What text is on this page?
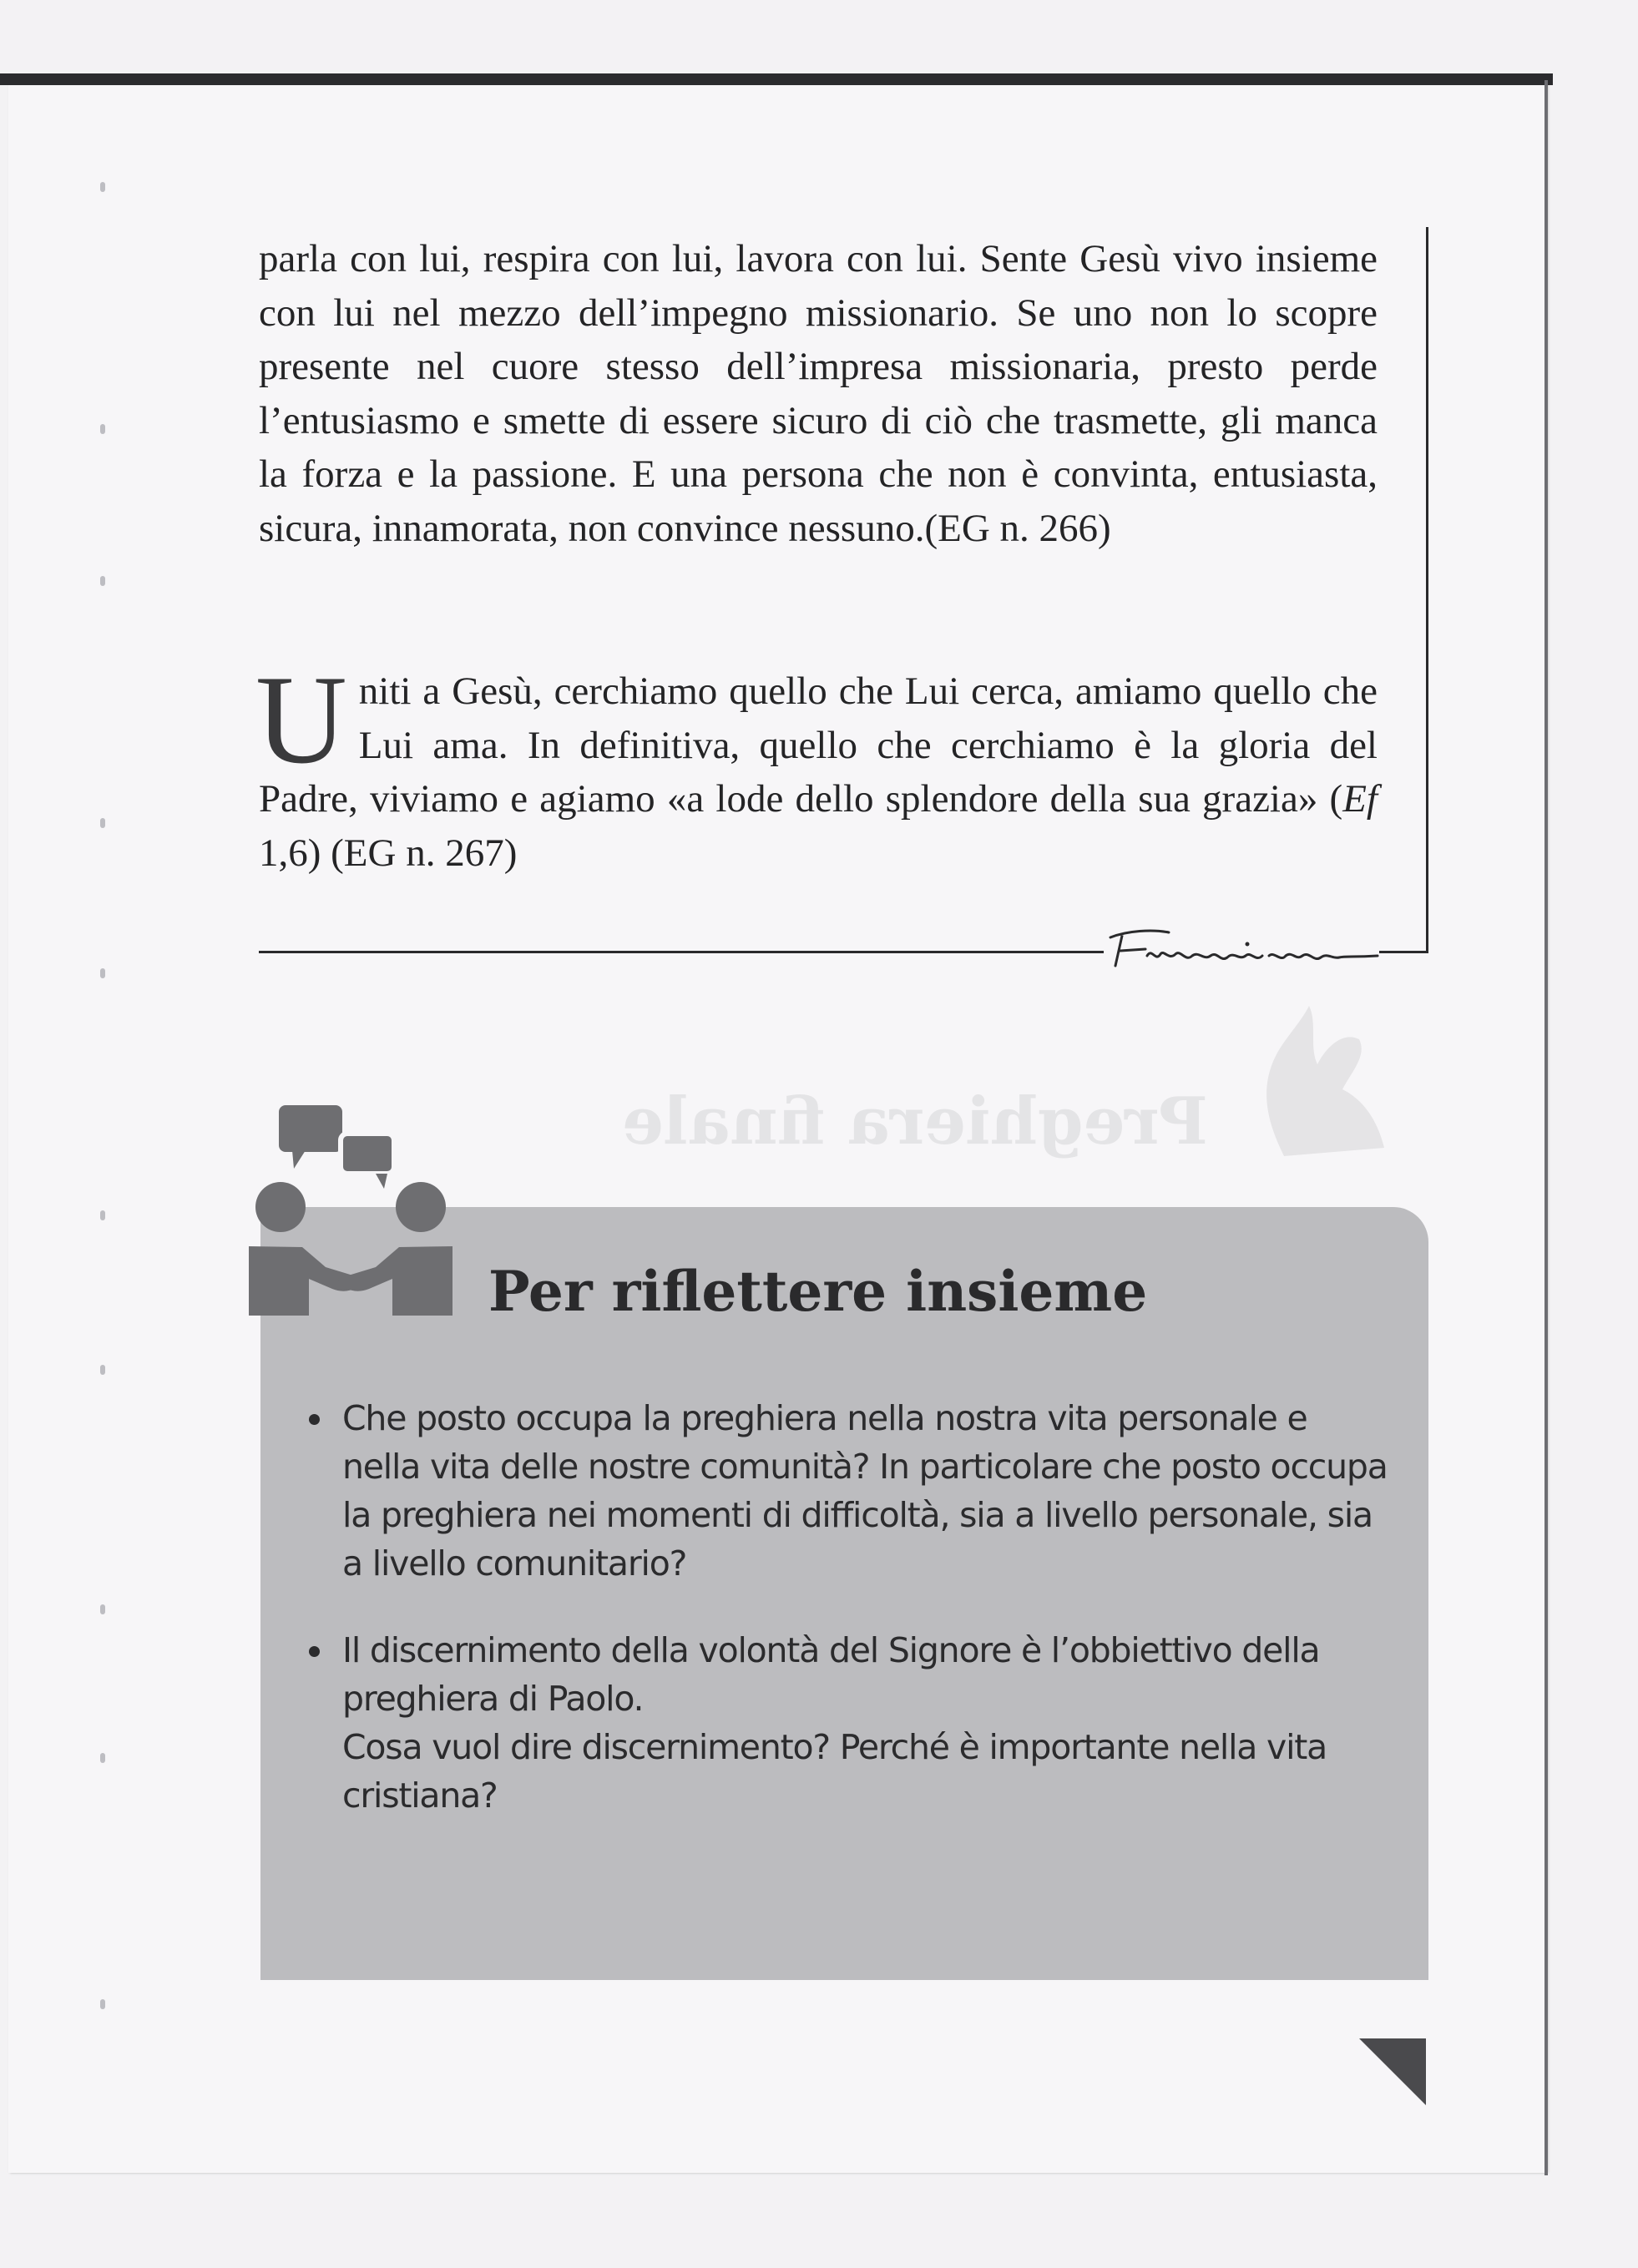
parla con lui, respira con lui, lavora con lui. Sente Gesù vivo insieme con lui nel mezzo dell’impegno missionario. Se uno non lo scopre presente nel cuore stesso dell’impresa missionaria, presto perde l’entusiasmo e smette di essere sicuro di ciò che trasmette, gli manca la forza e la passione. E una persona che non è convinta, entusiasta, sicura, innamorata, non convince nessuno.(EG n. 266)

Uniti a Gesù, cerchiamo quello che Lui cerca, amiamo quello che Lui ama. In definitiva, quello che cerchiamo è la gloria del Padre, viviamo e agiamo «a lode dello splendore della sua grazia» (Ef 1,6) (EG n. 267)

Preghiera finale
Per riflettere insieme
Che posto occupa la preghiera nella nostra vita personale e nella vita delle nostre comunità? In particolare che posto occupa la preghiera nei momenti di difficoltà, sia a livello personale, sia a livello comunitario?
Il discernimento della volontà del Signore è l’obbiettivo della preghiera di Paolo.
Cosa vuol dire discernimento? Perché è importante nella vita cristiana?

53
